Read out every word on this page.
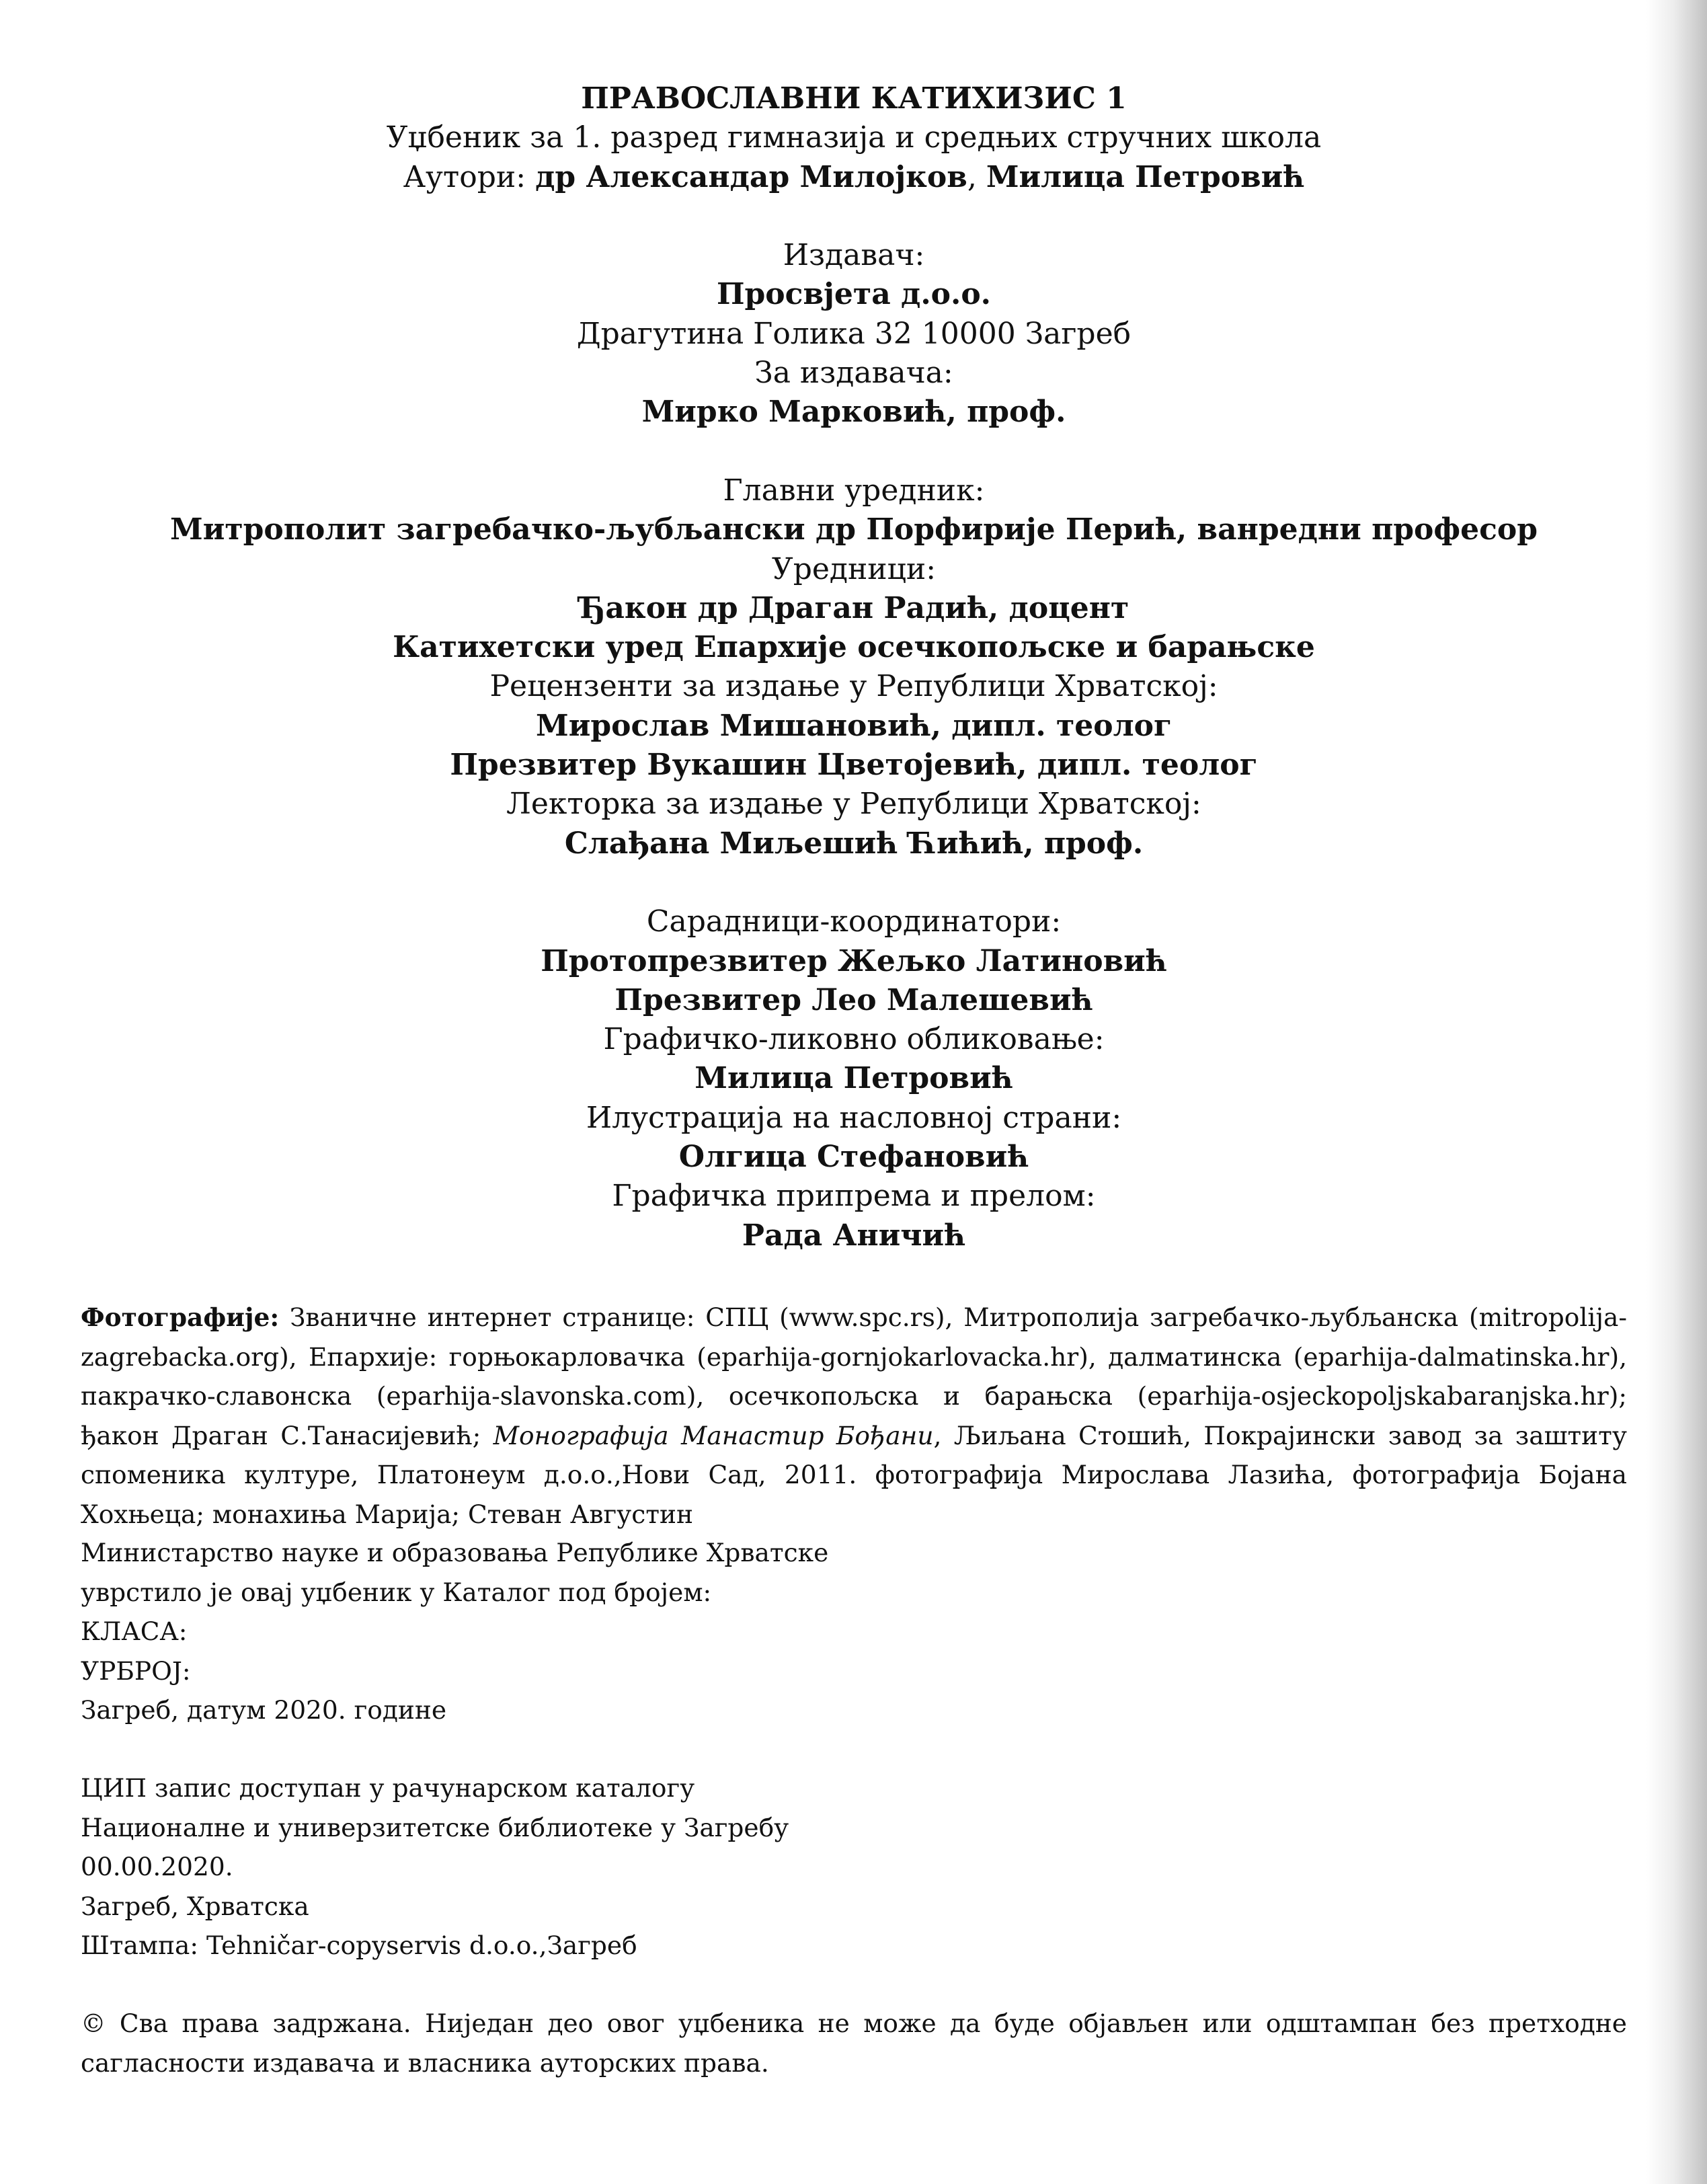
ПРАВОСЛАВНИ КАТИХИЗИС 1
Уџбеник за 1. разред гимназија и средњих стручних школа
Аутори: др Александар Милојков, Милица Петровић
Издавач:
Просвјета д.о.о.
Драгутина Голика 32 10000 Загреб
За издавача:
Мирко Марковић, проф.
Главни уредник:
Митрополит загребачко-љубљански др Порфирије Перић, ванредни професор
Уредници:
Ђакон др Драган Радић, доцент
Катихетски уред Епархије осечкопољске и барањске
Рецензенти за издање у Републици Хрватској:
Мирослав Мишановић, дипл. теолог
Презвитер Вукашин Цветојевић, дипл. теолог
Лекторка за издање у Републици Хрватској:
Слађана Миљешић Ћићић, проф.
Сарадници-координатори:
Протопрезвитер Жељко Латиновић
Презвитер Лео Малешевић
Графичко-ликовно обликовање:
Милица Петровић
Илустрација на насловној страни:
Олгица Стефановић
Графичка припрема и прелом:
Рада Аничић
Фотографије: Званичне интернет странице: СПЦ (www.spc.rs), Митрополија загребачко-љубљанска (mitropolija-zagrebacka.org), Епархије: горњокарловачка (eparhija-gornjokarlovacka.hr), далматинска (eparhija-dalmatinska.hr), пакрачко-славонска (eparhija-slavonska.com), осечкопољска и барањска (eparhija-osjeckopoljskabaranjska.hr); ђакон Драган С.Танасијевић; Монографија Манастир Бођани, Љиљана Стошић, Покрајински завод за заштиту споменика културе, Платонеум д.о.о.,Нови Сад, 2011. фотографија Мирослава Лазића, фотографија Бојана Хохњеца; монахиња Марија; Стеван Августин
Министарство науке и образовања Републике Хрватске
уврстило је овај уџбеник у Каталог под бројем:
КЛАСА:
УРБРОЈ:
Загреб, датум 2020. године
ЦИП запис доступан у рачунарском каталогу
Националне и универзитетске библиотеке у Загребу
00.00.2020.
Загреб, Хрватска
Штампа: Tehničar-copyservis d.o.o.,Загреб
© Сва права задржана. Ниједан део овог уџбеника не може да буде објављен или одштампан без претходне сагласности издавача и власника ауторских права.
